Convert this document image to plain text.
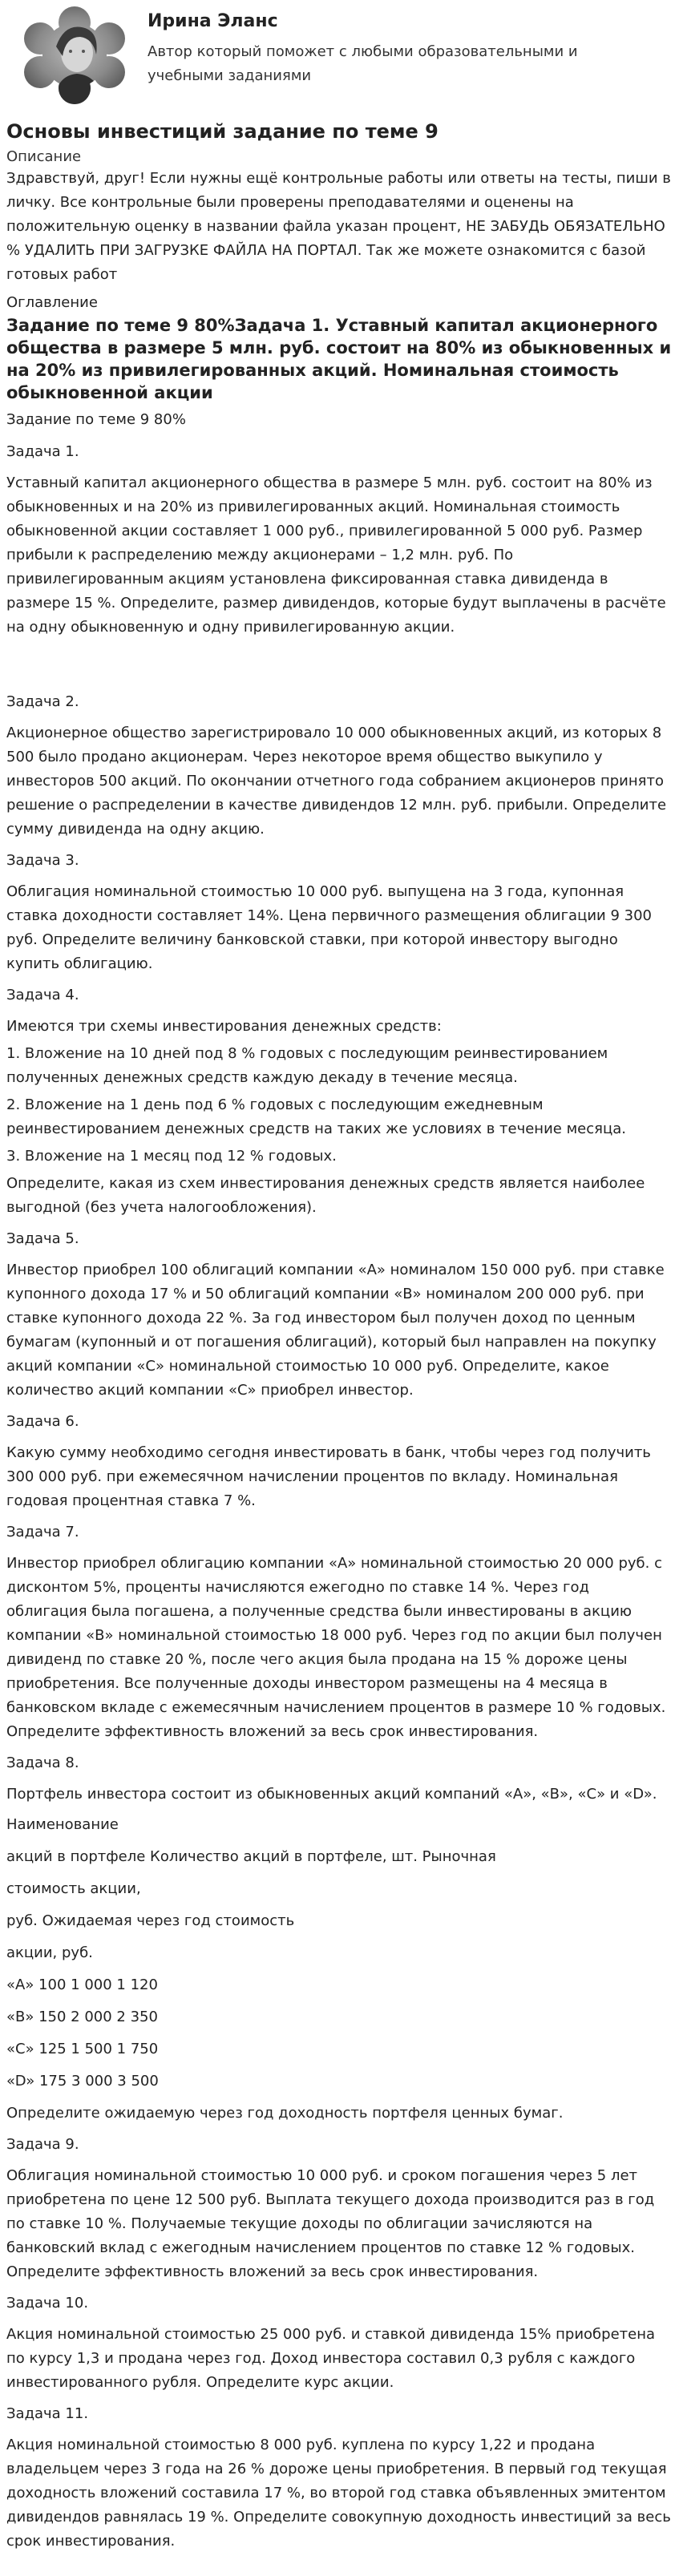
Ирина Эланс
Автор который поможет с любыми образовательными и учебными заданиями
Основы инвестиций задание по теме 9

Описание

Здравствуй, друг! Если нужны ещё контрольные работы или ответы на тесты, пиши в личку. Все контрольные были проверены преподавателями и оценены на положительную оценку в названии файла указан процент, НЕ ЗАБУДЬ ОБЯЗАТЕЛЬНО % УДАЛИТЬ ПРИ ЗАГРУЗКЕ ФАЙЛА НА ПОРТАЛ. Так же можете ознакомится с базой готовых работ

Оглавление

Задание по теме 9 80%Задача 1. Уставный капитал акционерного общества в размере 5 млн. руб. состоит на 80% из обыкновенных и на 20% из привилегированных акций. Номинальная стоимость обыкновенной акции

Задание по теме 9 80%

Задача 1.

Уставный капитал акционерного общества в размере 5 млн. руб. состоит на 80% из обыкновенных и на 20% из привилегированных акций. Номинальная стоимость обыкновенной акции составляет 1 000 руб., привилегированной 5 000 руб. Размер прибыли к распределению между акционерами – 1,2 млн. руб. По привилегированным акциям установлена фиксированная ставка дивиденда в размере 15 %. Определите, размер дивидендов, которые будут выплачены в расчёте на одну обыкновенную и одну привилегированную акции.

Задача 2.

Акционерное общество зарегистрировало 10 000 обыкновенных акций, из которых 8 500 было продано акционерам. Через некоторое время общество выкупило у инвесторов 500 акций. По окончании отчетного года собранием акционеров принято решение о распределении в качестве дивидендов 12 млн. руб. прибыли. Определите сумму дивиденда на одну акцию.

Задача 3.

Облигация номинальной стоимостью 10 000 руб. выпущена на 3 года, купонная ставка доходности составляет 14%. Цена первичного размещения облигации 9 300 руб. Определите величину банковской ставки, при которой инвестору выгодно купить облигацию.

Задача 4.

Имеются три схемы инвестирования денежных средств:

1. Вложение на 10 дней под 8 % годовых с последующим реинвестированием полученных денежных средств каждую декаду в течение месяца.

2. Вложение на 1 день под 6 % годовых с последующим ежедневным реинвестированием денежных средств на таких же условиях в течение месяца.

3. Вложение на 1 месяц под 12 % годовых.

Определите, какая из схем инвестирования денежных средств является наиболее выгодной (без учета налогообложения).

Задача 5.

Инвестор приобрел 100 облигаций компании «А» номиналом 150 000 руб. при ставке купонного дохода 17 % и 50 облигаций компании «В» номиналом 200 000 руб. при ставке купонного дохода 22 %. За год инвестором был получен доход по ценным бумагам (купонный и от погашения облигаций), который был направлен на покупку акций компании «С» номинальной стоимостью 10 000 руб. Определите, какое количество акций компании «С» приобрел инвестор.

Задача 6.

Какую сумму необходимо сегодня инвестировать в банк, чтобы через год получить 300 000 руб. при ежемесячном начислении процентов по вкладу. Номинальная годовая процентная ставка 7 %.

Задача 7.

Инвестор приобрел облигацию компании «А» номинальной стоимостью 20 000 руб. с дисконтом 5%, проценты начисляются ежегодно по ставке 14 %. Через год облигация была погашена, а полученные средства были инвестированы в акцию компании «В» номинальной стоимостью 18 000 руб. Через год по акции был получен дивиденд по ставке 20 %, после чего акция была продана на 15 % дороже цены приобретения. Все полученные доходы инвестором размещены на 4 месяца в банковском вкладе с ежемесячным начислением процентов в размере 10 % годовых. Определите эффективность вложений за весь срок инвестирования.

Задача 8.

Портфель инвестора состоит из обыкновенных акций компаний «А», «В», «С» и «D».

Наименование

акций в портфеле Количество акций в портфеле, шт. Рыночная

стоимость акции,

руб. Ожидаемая через год стоимость

акции, руб.

«А» 100 1 000 1 120

«В» 150 2 000 2 350

«С» 125 1 500 1 750

«D» 175 3 000 3 500

Определите ожидаемую через год доходность портфеля ценных бумаг.

Задача 9.

Облигация номинальной стоимостью 10 000 руб. и сроком погашения через 5 лет приобретена по цене 12 500 руб. Выплата текущего дохода производится раз в год по ставке 10 %. Получаемые текущие доходы по облигации зачисляются на банковский вклад с ежегодным начислением процентов по ставке 12 % годовых. Определите эффективность вложений за весь срок инвестирования.

Задача 10.

Акция номинальной стоимостью 25 000 руб. и ставкой дивиденда 15% приобретена по курсу 1,3 и продана через год. Доход инвестора составил 0,3 рубля с каждого инвестированного рубля. Определите курс акции.

Задача 11.

Акция номинальной стоимостью 8 000 руб. куплена по курсу 1,22 и продана владельцем через 3 года на 26 % дороже цены приобретения. В первый год текущая доходность вложений составила 17 %, во второй год ставка объявленных эмитентом дивидендов равнялась 19 %. Определите совокупную доходность инвестиций за весь срок инвестирования.
